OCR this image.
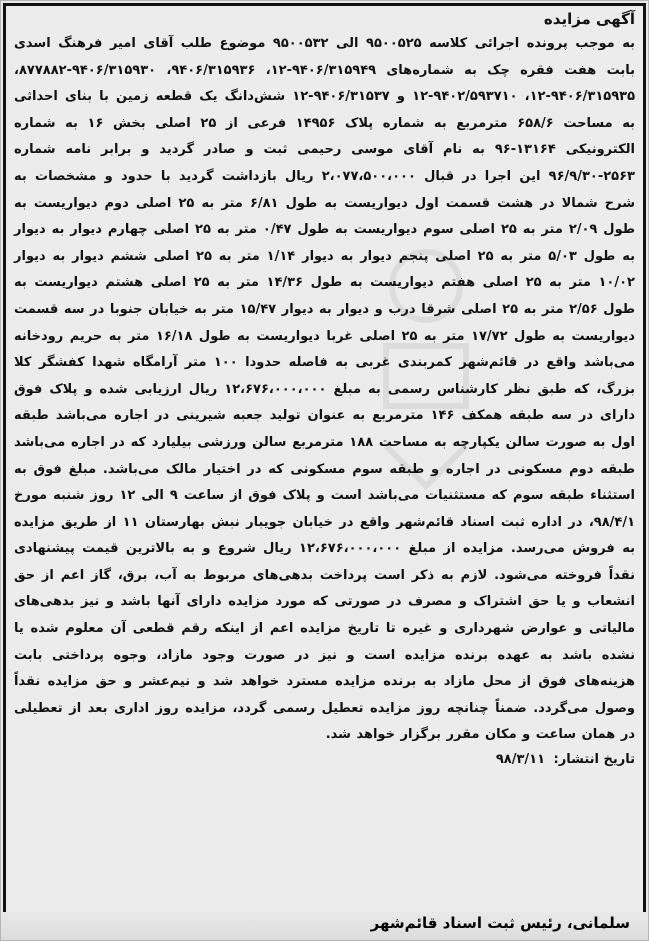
آگهی مزایده

به موجب پرونده اجرائی کلاسه ۹۵۰۰۵۲۵ الی ۹۵۰۰۵۳۲ موضوع طلب آقای امیر فرهنگ اسدی بابت هفت فقره چک به شماره‌های ۹۴۰۶/۳۱۵۹۴۹-۱۲، ۹۴۰۶/۳۱۵۹۳۶، ۹۴۰۶/۳۱۵۹۳۰-۸۷۷۸۸۲، ۹۴۰۶/۳۱۵۹۳۵-۱۲، ۹۴۰۲/۵۹۳۷۱۰-۱۲ و ۹۴۰۶/۳۱۵۳۷-۱۲ شش‌دانگ یک قطعه زمین با بنای احداثی به مساحت ۶۵۸/۶ مترمربع به شماره پلاک ۱۴۹۵۶ فرعی از ۲۵ اصلی بخش ۱۶ به شماره الکترونیکی ۱۳۱۶۴-۹۶ به نام آقای موسی رحیمی ثبت و صادر گردید و برابر نامه شماره ۲۵۶۳-۹۶/۹/۳۰ این اجرا در قبال ۲،۰۷۷،۵۰۰،۰۰۰ ریال بازداشت گردید با حدود و مشخصات به شرح شمالا در هشت قسمت اول دیواریست به طول ۶/۸۱ متر به ۲۵ اصلی دوم دیواریست به طول ۲/۰۹ متر به ۲۵ اصلی سوم دیواریست به طول ۰/۴۷ متر به ۲۵ اصلی چهارم دیوار به دیوار به طول ۵/۰۳ متر به ۲۵ اصلی پنجم دیوار به دیوار ۱/۱۴ متر به ۲۵ اصلی ششم دیوار به دیوار ۱۰/۰۲ متر به ۲۵ اصلی هفتم دیواریست به طول ۱۴/۳۶ متر به ۲۵ اصلی هشتم دیواریست به طول ۲/۵۶ متر به ۲۵ اصلی شرقا درب و دیوار به دیوار ۱۵/۴۷ متر به خیابان جنوبا در سه قسمت دیواریست به طول ۱۷/۷۲ متر به ۲۵ اصلی غربا دیواریست به طول ۱۶/۱۸ متر به حریم رودخانه می‌باشد واقع در قائم‌شهر کمربندی غربی به فاصله حدودا ۱۰۰ متر آرامگاه شهدا کفشگر کلا بزرگ، که طبق نظر کارشناس رسمی به مبلغ ۱۲،۶۷۶،۰۰۰،۰۰۰ ریال ارزیابی شده و پلاک فوق دارای در سه طبقه همکف ۱۴۶ مترمربع به عنوان تولید جعبه شیرینی در اجاره می‌باشد طبقه اول به صورت سالن یکپارچه به مساحت ۱۸۸ مترمربع سالن ورزشی بیلیارد که در اجاره می‌باشد طبقه دوم مسکونی در اجاره و طبقه سوم مسکونی که در اختیار مالک می‌باشد. مبلغ فوق به استثناء طبقه سوم که مستثنیات می‌باشد است و پلاک فوق از ساعت ۹ الی ۱۲ روز شنبه مورخ ۹۸/۴/۱، در اداره ثبت اسناد قائم‌شهر واقع در خیابان جویبار نبش بهارستان ۱۱ از طریق مزایده به فروش می‌رسد. مزایده از مبلغ ۱۲،۶۷۶،۰۰۰،۰۰۰ ریال شروع و به بالاترین قیمت پیشنهادی نقداً فروخته می‌شود. لازم به ذکر است پرداخت بدهی‌های مربوط به آب، برق، گاز اعم از حق انشعاب و یا حق اشتراک و مصرف در صورتی که مورد مزایده دارای آنها باشد و نیز بدهی‌های مالیاتی و عوارض شهرداری و غیره تا تاریخ مزایده اعم از اینکه رقم قطعی آن معلوم شده یا نشده باشد به عهده برنده مزایده است و نیز در صورت وجود مازاد، وجوه پرداختی بابت هزینه‌های فوق از محل مازاد به برنده مزایده مسترد خواهد شد و نیم‌عشر و حق مزایده نقداً وصول می‌گردد. ضمناً چنانچه روز مزایده تعطیل رسمی گردد، مزایده روز اداری بعد از تعطیلی در همان ساعت و مکان مقرر برگزار خواهد شد.

تاریخ انتشار: ۹۸/۳/۱۱

سلمانی، رئیس ثبت اسناد قائم‌شهر
